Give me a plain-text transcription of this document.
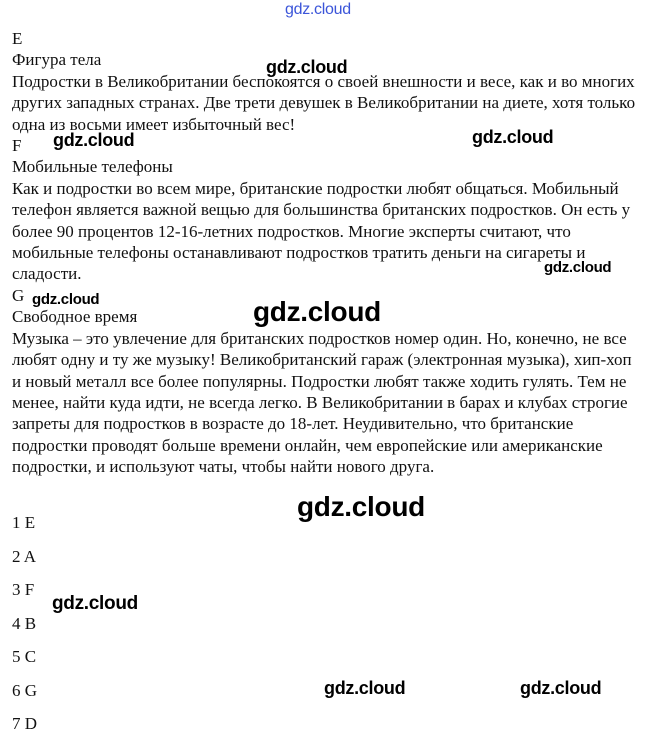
gdz.cloud

E

Фигура тела

Подростки в Великобритании беспокоятся о своей внешности и весе, как и во многих других западных странах. Две трети девушек в Великобритании на диете, хотя только одна из восьми имеет избыточный вес!

F

Мобильные телефоны

Как и подростки во всем мире, британские подростки любят общаться. Мобильный телефон является важной вещью для большинства британских подростков. Он есть у более 90 процентов 12-16-летних подростков. Многие эксперты считают, что мобильные телефоны останавливают подростков тратить деньги на сигареты и сладости.

G

Свободное время

Музыка – это увлечение для британских подростков номер один. Но, конечно, не все любят одну и ту же музыку! Великобританский гараж (электронная музыка), хип-хоп и новый металл все более популярны. Подростки любят также ходить гулять. Тем не менее, найти куда идти, не всегда легко. В Великобритании в барах и клубах строгие запреты для подростков в возрасте до 18-лет. Неудивительно, что британские подростки проводят больше времени онлайн, чем европейские или американские подростки, и используют чаты, чтобы найти нового друга.

1 E
2 A
3 F
4 B
5 C
6 G
7 D
gdz.cloud
gdz.cloud	gdz.cloud
gdz.cloud
gdz.cloud	gdz.cloud
gdz.cloud
gdz.cloud
gdz.cloud	gdz.cloud
